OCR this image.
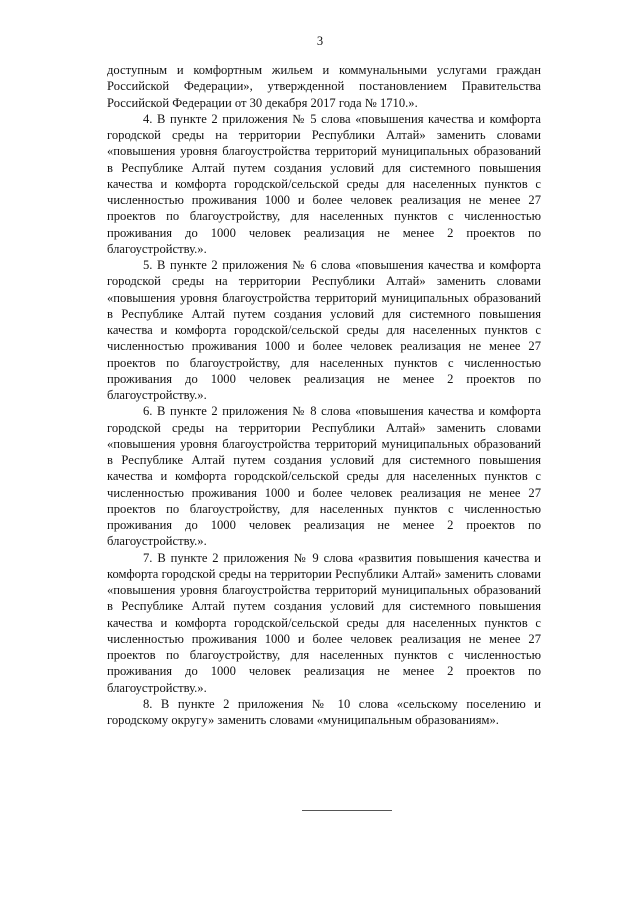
3

доступным и комфортным жильем и коммунальными услугами граждан Российской Федерации», утвержденной постановлением Правительства Российской Федерации от 30 декабря 2017 года № 1710.».

4. В пункте 2 приложения № 5 слова «повышения качества и комфорта городской среды на территории Республики Алтай» заменить словами «повышения уровня благоустройства территорий муниципальных образований в Республике Алтай путем создания условий для системного повышения качества и комфорта городской/сельской среды для населенных пунктов с численностью проживания 1000 и более человек реализация не менее 27 проектов по благоустройству, для населенных пунктов с численностью проживания до 1000 человек реализация не менее 2 проектов по благоустройству.».

5. В пункте 2 приложения № 6 слова «повышения качества и комфорта городской среды на территории Республики Алтай» заменить словами «повышения уровня благоустройства территорий муниципальных образований в Республике Алтай путем создания условий для системного повышения качества и комфорта городской/сельской среды для населенных пунктов с численностью проживания 1000 и более человек реализация не менее 27 проектов по благоустройству, для населенных пунктов с численностью проживания до 1000 человек реализация не менее 2 проектов по благоустройству.».

6. В пункте 2 приложения № 8 слова «повышения качества и комфорта городской среды на территории Республики Алтай» заменить словами «повышения уровня благоустройства территорий муниципальных образований в Республике Алтай путем создания условий для системного повышения качества и комфорта городской/сельской среды для населенных пунктов с численностью проживания 1000 и более человек реализация не менее 27 проектов по благоустройству, для населенных пунктов с численностью проживания до 1000 человек реализация не менее 2 проектов по благоустройству.».

7. В пункте 2 приложения № 9 слова «развития повышения качества и комфорта городской среды на территории Республики Алтай» заменить словами «повышения уровня благоустройства территорий муниципальных образований в Республике Алтай путем создания условий для системного повышения качества и комфорта городской/сельской среды для населенных пунктов с численностью проживания 1000 и более человек реализация не менее 27 проектов по благоустройству, для населенных пунктов с численностью проживания до 1000 человек реализация не менее 2 проектов по благоустройству.».

8. В пункте 2 приложения № 10 слова «сельскому поселению и городскому округу» заменить словами «муниципальным образованиям».
